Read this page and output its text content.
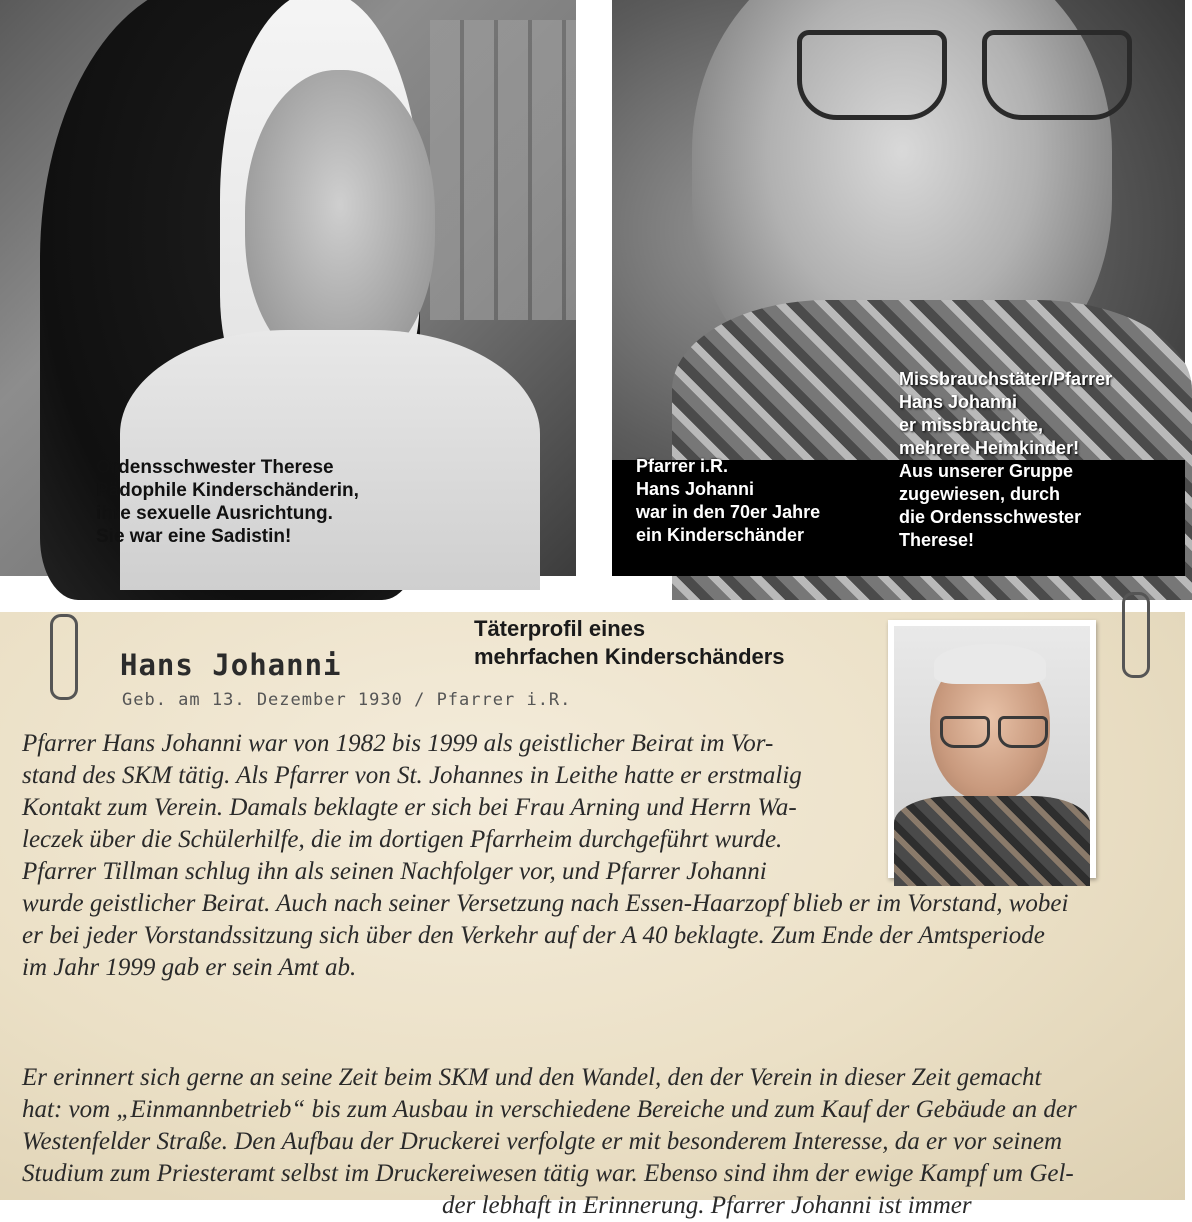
Ordensschwester Therese
Pädophile Kinderschänderin,
ihre sexuelle Ausrichtung.
Sie war eine Sadistin!
Pfarrer i.R.
Hans Johanni
war in den 70er Jahre
ein Kinderschänder
Missbrauchstäter/Pfarrer
Hans Johanni
er missbrauchte,
mehrere Heimkinder!
Aus unserer Gruppe
zugewiesen, durch
die Ordensschwester
Therese!
Täterprofil eines
mehrfachen Kinderschänders
Hans Johanni
Geb. am 13. Dezember 1930 / Pfarrer i.R.
Pfarrer Hans Johanni war von 1982 bis 1999 als geistlicher Beirat im Vor-
stand des SKM tätig. Als Pfarrer von St. Johannes in Leithe hatte er erstmalig
Kontakt zum Verein. Damals beklagte er sich bei Frau Arning und Herrn Wa-
leczek über die Schülerhilfe, die im dortigen Pfarrheim durchgeführt wurde.
Pfarrer Tillman schlug ihn als seinen Nachfolger vor, und Pfarrer Johanni
wurde geistlicher Beirat. Auch nach seiner Versetzung nach Essen-Haarzopf blieb er im Vorstand, wobei
er bei jeder Vorstandssitzung sich über den Verkehr auf der A 40 beklagte. Zum Ende der Amtsperiode
im Jahr 1999 gab er sein Amt ab.
Er erinnert sich gerne an seine Zeit beim SKM und den Wandel, den der Verein in dieser Zeit gemacht
hat: vom „Einmannbetrieb“ bis zum Ausbau in verschiedene Bereiche und zum Kauf der Gebäude an der
Westenfelder Straße. Den Aufbau der Druckerei verfolgte er mit besonderem Interesse, da er vor seinem
Studium zum Priesteramt selbst im Druckereiwesen tätig war. Ebenso sind ihm der ewige Kampf um Gel-
der lebhaft in Erinnerung. Pfarrer Johanni ist immer
